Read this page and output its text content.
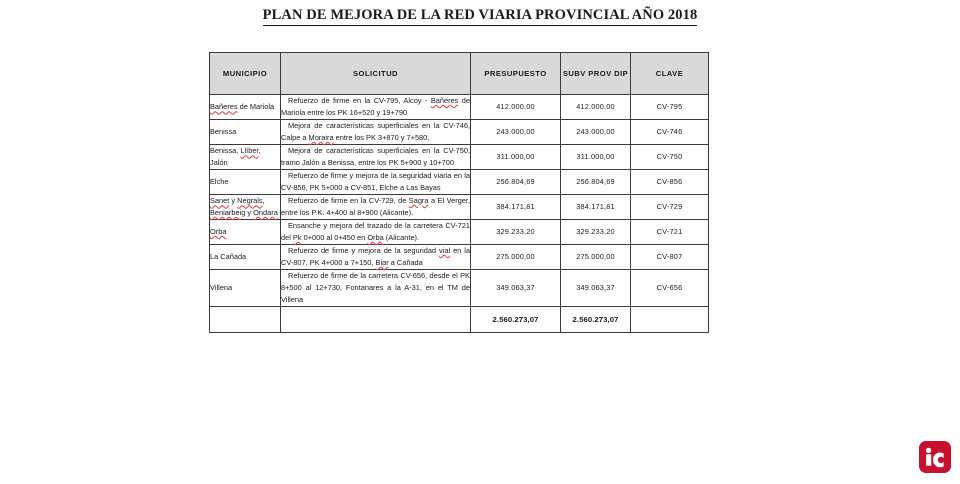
PLAN DE MEJORA DE LA RED VIARIA PROVINCIAL AÑO 2018
MUNICIPIO	SOLICITUD	PRESUPUESTO	SUBV PROV DIP	CLAVE
Bañeres de Mariola	Refuerzo de firme en la CV-795, Alcoy - Bañeres de Mariola entre los PK 16+520 y 19+790	412.000,00	412.000,00	CV-795
Benissa	Mejora de características superficiales en la CV-746, Calpe a Moraira entre los PK 3+870 y 7+580.	243.000,00	243.000,00	CV-746
Benissa, Llíber, Jalón	Mejora de características superficiales en la CV-750, tramo Jalón a Benissa, entre los PK 5+900 y 10+700	311.000,00	311.000,00	CV-750
Elche	Refuerzo de firme y mejora de la seguridad viaria en la CV-856, PK 5+000 a CV-851, Elche a Las Bayas	256.804,69	256.804,69	CV-856
Sanet y Negrals, Beniarbeig y Ondara	Refuerzo de firme en la CV-729, de Sagra a El Verger, entre los P.K. 4+400 al 8+900 (Alicante).	384.171,81	384.171,81	CV-729
Orba	Ensanche y mejora del trazado de la carretera CV-721 del Pk 0+000 al 0+450 en Orba (Alicante).	329.233,20	329.233,20	CV-721
La Cañada	Refuerzo de firme y mejora de la seguridad vial en la CV-807, PK 4+000 a 7+150, Biar a Cañada	275.000,00	275.000,00	CV-807
Villena	Refuerzo de firme de la carretera CV-656, desde el PK 8+500 al 12+730, Fontanares a la A-31, en el TM de Villena	349.063,37	349.063,37	CV-656
		2.560.273,07	2.560.273,07	
